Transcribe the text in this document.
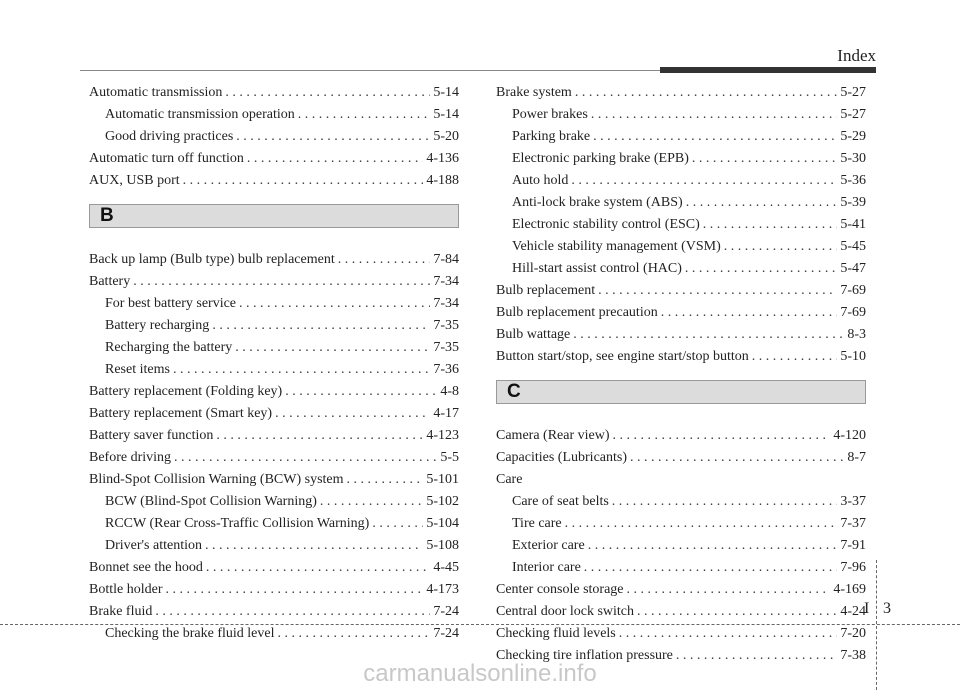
Index
Automatic transmission . . .	5-14
Automatic transmission operation . . .	5-14
Good driving practices . . .	5-20
Automatic turn off function . . .	4-136
AUX, USB port . . .	4-188
B
Back up lamp (Bulb type) bulb replacement . . .	7-84
Battery . . .	7-34
For best battery service . . .	7-34
Battery recharging . . .	7-35
Recharging the battery . . .	7-35
Reset items . . .	7-36
Battery replacement (Folding key) . . .	4-8
Battery replacement (Smart key) . . .	4-17
Battery saver function . . .	4-123
Before driving . . .	5-5
Blind-Spot Collision Warning (BCW) system . . .	5-101
BCW (Blind-Spot Collision Warning) . . .	5-102
RCCW (Rear Cross-Traffic Collision Warning) . . .	5-104
Driver's attention . . .	5-108
Bonnet see the hood . . .	4-45
Bottle holder . . .	4-173
Brake fluid . . .	7-24
Checking the brake fluid level . . .	7-24
Brake system . . .	5-27
Power brakes . . .	5-27
Parking brake . . .	5-29
Electronic parking brake (EPB) . . .	5-30
Auto hold . . .	5-36
Anti-lock brake system (ABS) . . .	5-39
Electronic stability control (ESC) . . .	5-41
Vehicle stability management (VSM) . . .	5-45
Hill-start assist control (HAC) . . .	5-47
Bulb replacement . . .	7-69
Bulb replacement precaution . . .	7-69
Bulb wattage . . .	8-3
Button start/stop, see engine start/stop button . . .	5-10
C
Camera (Rear view) . . .	4-120
Capacities (Lubricants) . . .	8-7
Care
Care of seat belts . . .	3-37
Tire care . . .	7-37
Exterior care . . .	7-91
Interior care . . .	7-96
Center console storage . . .	4-169
Central door lock switch . . .	4-24
Checking fluid levels . . .	7-20
Checking tire inflation pressure . . .	7-38
I 3
carmanualsonline.info
